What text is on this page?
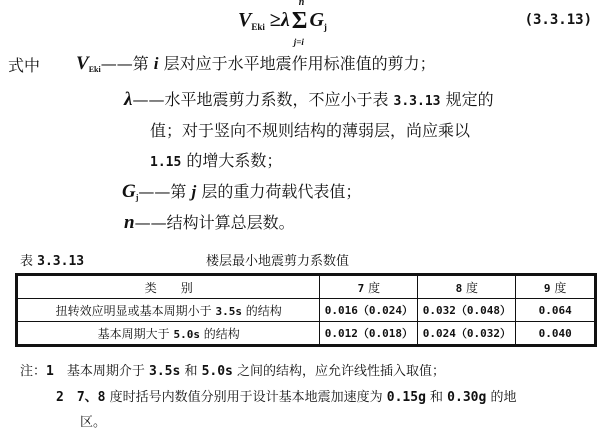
$V_{Eki} \ge\lambda$
n
Σ
j=i
$G_j$	(3.3.13)
式中 $V_{Eki}——$第 i 层对应于水平地震作用标准值的剪力；
λ——水平地震剪力系数，不应小于表 3.3.13 规定的
值；对于竖向不规则结构的薄弱层，尚应乘以
1.15 的增大系数；
$G_j——$第 j 层的重力荷载代表值；
n——结构计算总层数。
表 3.3.13	楼层最小地震剪力系数值
类　　别	7 度	8 度	9 度
扭转效应明显或基本周期小于 3.5s 的结构	0.016（0.024）	0.032（0.048）	0.064
基本周期大于 5.0s 的结构	0.012（0.018）	0.024（0.032）	0.040
注：1　 基本周期介于 3.5s 和 5.0s 之间的结构，应允许线性插入取值；
2　 7、8 度时括号内数值分别用于设计基本地震加速度为 0.15g 和 0.30g 的地
区。
